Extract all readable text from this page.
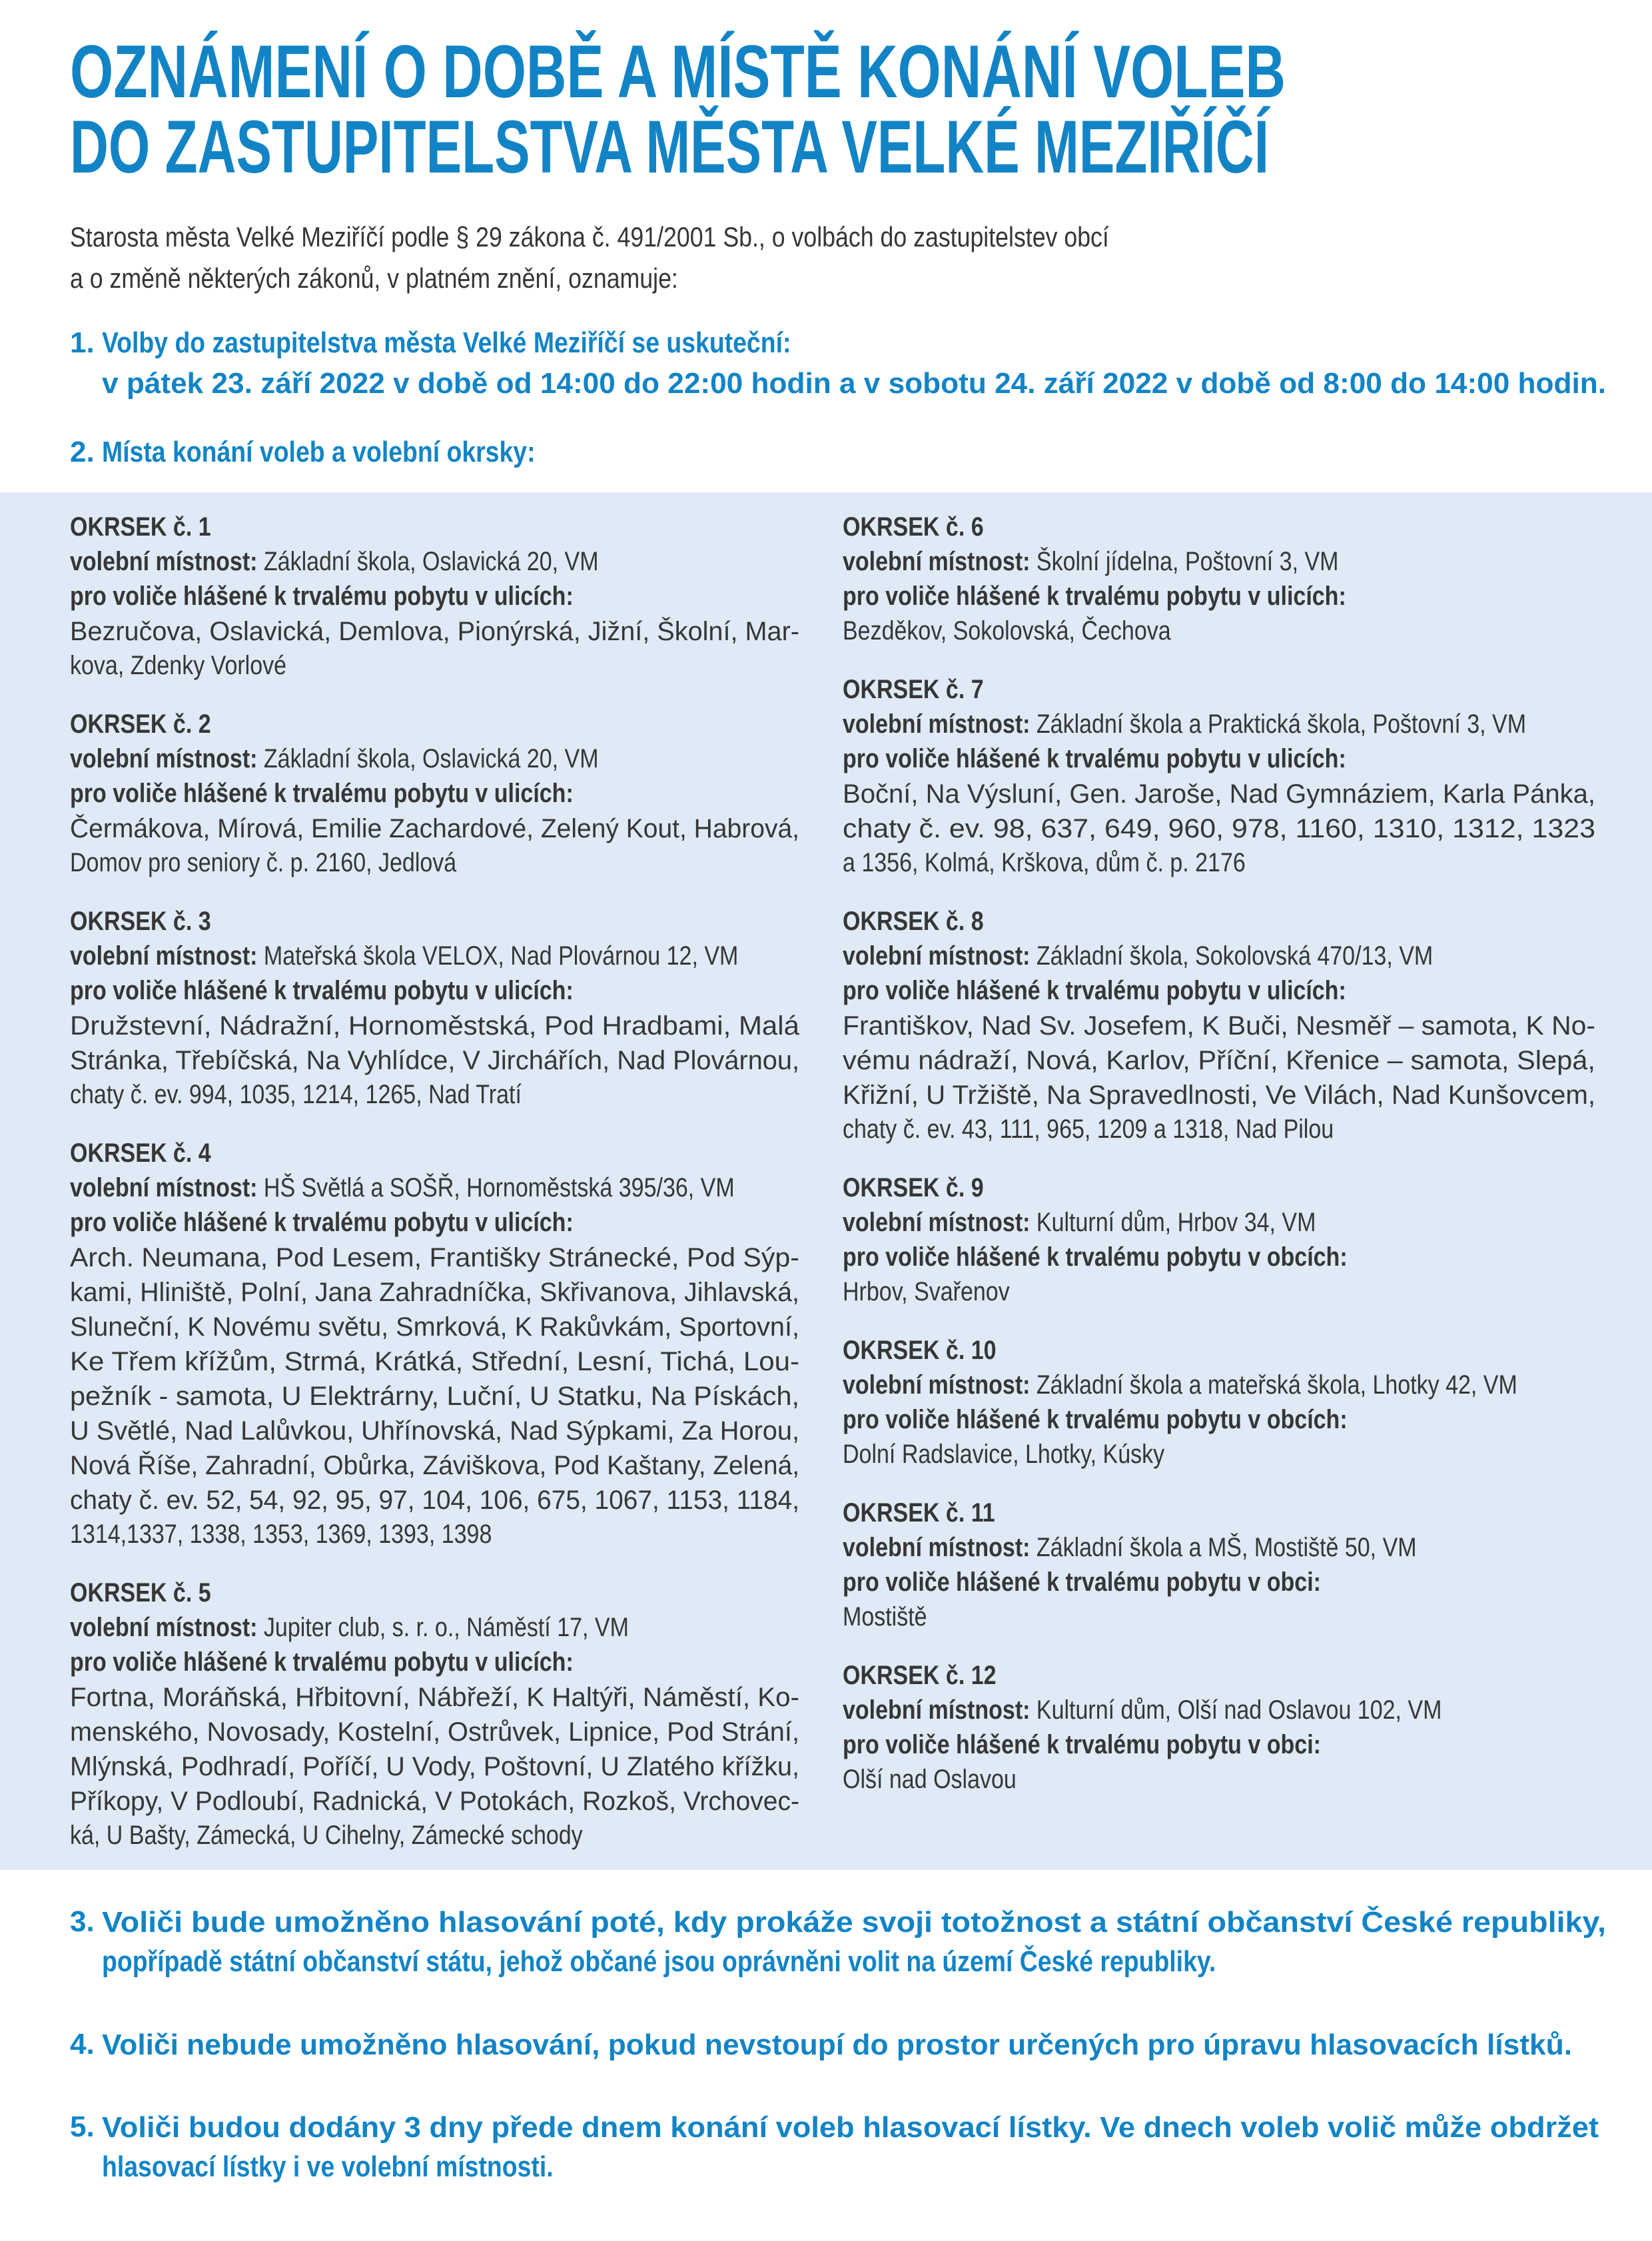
OZNÁMENÍ O DOBĚ A MÍSTĚ KONÁNÍ VOLEB
DO ZASTUPITELSTVA MĚSTA VELKÉ MEZIŘÍČÍ
Starosta města Velké Meziříčí podle § 29 zákona č. 491/2001 Sb., o volbách do zastupitelstev obcí
a o změně některých zákonů, v platném znění, oznamuje:
1. Volby do zastupitelstva města Velké Meziříčí se uskuteční:
v pátek 23. září 2022 v době od 14:00 do 22:00 hodin a v sobotu 24. září 2022 v době od 8:00 do 14:00 hodin.
2. Místa konání voleb a volební okrsky:
OKRSEK č. 1
volební místnost: Základní škola, Oslavická 20, VM
pro voliče hlášené k trvalému pobytu v ulicích:
Bezručova, Oslavická, Demlova, Pionýrská, Jižní, Školní, Mar-
kova, Zdenky Vorlové
OKRSEK č. 2
volební místnost: Základní škola, Oslavická 20, VM
pro voliče hlášené k trvalému pobytu v ulicích:
Čermákova, Mírová, Emilie Zachardové, Zelený Kout, Habrová,
Domov pro seniory č. p. 2160, Jedlová
OKRSEK č. 3
volební místnost: Mateřská škola VELOX, Nad Plovárnou 12, VM
pro voliče hlášené k trvalému pobytu v ulicích:
Družstevní, Nádražní, Hornoměstská, Pod Hradbami, Malá
Stránka, Třebíčská, Na Vyhlídce, V Jirchářích, Nad Plovárnou,
chaty č. ev. 994, 1035, 1214, 1265, Nad Tratí
OKRSEK č. 4
volební místnost: HŠ Světlá a SOŠŘ, Hornoměstská 395/36, VM
pro voliče hlášené k trvalému pobytu v ulicích:
Arch. Neumana, Pod Lesem, Františky Stránecké, Pod Sýp-
kami, Hliniště, Polní, Jana Zahradníčka, Skřivanova, Jihlavská,
Sluneční, K Novému světu, Smrková, K Rakůvkám, Sportovní,
Ke Třem křížům, Strmá, Krátká, Střední, Lesní, Tichá, Lou-
pežník - samota, U Elektrárny, Luční, U Statku, Na Pískách,
U Světlé, Nad Lalůvkou, Uhřínovská, Nad Sýpkami, Za Horou,
Nová Říše, Zahradní, Obůrka, Záviškova, Pod Kaštany, Zelená,
chaty č. ev. 52, 54, 92, 95, 97, 104, 106, 675, 1067, 1153, 1184,
1314,1337, 1338, 1353, 1369, 1393, 1398
OKRSEK č. 5
volební místnost: Jupiter club, s. r. o., Náměstí 17, VM
pro voliče hlášené k trvalému pobytu v ulicích:
Fortna, Moráňská, Hřbitovní, Nábřeží, K Haltýři, Náměstí, Ko-
menského, Novosady, Kostelní, Ostrůvek, Lipnice, Pod Strání,
Mlýnská, Podhradí, Poříčí, U Vody, Poštovní, U Zlatého křížku,
Příkopy, V Podloubí, Radnická, V Potokách, Rozkoš, Vrchovec-
ká, U Bašty, Zámecká, U Cihelny, Zámecké schody
OKRSEK č. 6
volební místnost: Školní jídelna, Poštovní 3, VM
pro voliče hlášené k trvalému pobytu v ulicích:
Bezděkov, Sokolovská, Čechova
OKRSEK č. 7
volební místnost: Základní škola a Praktická škola, Poštovní 3, VM
pro voliče hlášené k trvalému pobytu v ulicích:
Boční, Na Výsluní, Gen. Jaroše, Nad Gymnáziem, Karla Pánka,
chaty č. ev. 98, 637, 649, 960, 978, 1160, 1310, 1312, 1323
a 1356, Kolmá, Krškova, dům č. p. 2176
OKRSEK č. 8
volební místnost: Základní škola, Sokolovská 470/13, VM
pro voliče hlášené k trvalému pobytu v ulicích:
Františkov, Nad Sv. Josefem, K Buči, Nesměř – samota, K No-
vému nádraží, Nová, Karlov, Příční, Křenice – samota, Slepá,
Křižní, U Tržiště, Na Spravedlnosti, Ve Vilách, Nad Kunšovcem,
chaty č. ev. 43, 111, 965, 1209 a 1318, Nad Pilou
OKRSEK č. 9
volební místnost: Kulturní dům, Hrbov 34, VM
pro voliče hlášené k trvalému pobytu v obcích:
Hrbov, Svařenov
OKRSEK č. 10
volební místnost: Základní škola a mateřská škola, Lhotky 42, VM
pro voliče hlášené k trvalému pobytu v obcích:
Dolní Radslavice, Lhotky, Kúsky
OKRSEK č. 11
volební místnost: Základní škola a MŠ, Mostiště 50, VM
pro voliče hlášené k trvalému pobytu v obci:
Mostiště
OKRSEK č. 12
volební místnost: Kulturní dům, Olší nad Oslavou 102, VM
pro voliče hlášené k trvalému pobytu v obci:
Olší nad Oslavou
3. Voliči bude umožněno hlasování poté, kdy prokáže svoji totožnost a státní občanství České republiky,
popřípadě státní občanství státu, jehož občané jsou oprávněni volit na území České republiky.
4. Voliči nebude umožněno hlasování, pokud nevstoupí do prostor určených pro úpravu hlasovacích lístků.
5. Voliči budou dodány 3 dny přede dnem konání voleb hlasovací lístky. Ve dnech voleb volič může obdržet
hlasovací lístky i ve volební místnosti.
